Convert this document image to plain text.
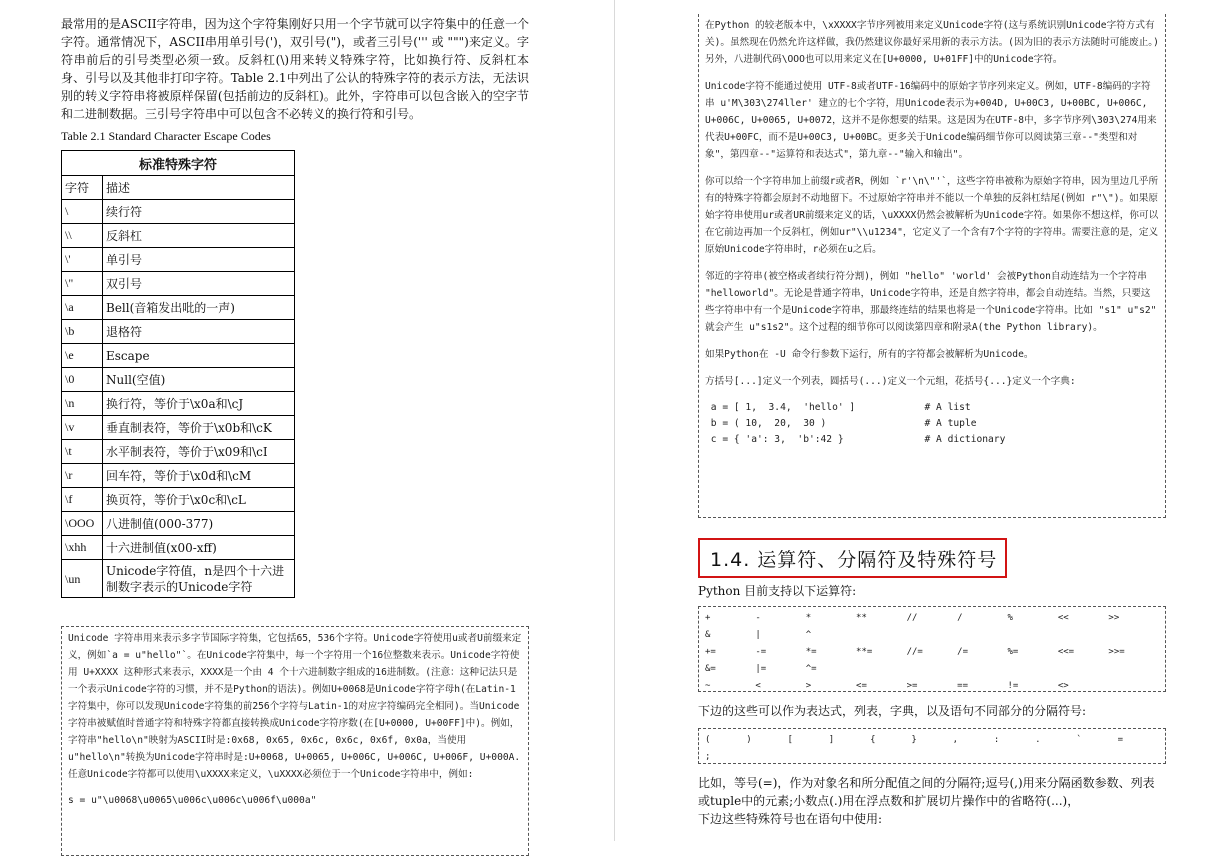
最常用的是ASCII字符串，因为这个字符集刚好只用一个字节就可以字符集中的任意一个字符。通常情况下，ASCII串用单引号(')，双引号(")，或者三引号(''' 或 """)来定义。字符串前后的引号类型必须一致。反斜杠(\)用来转义特殊字符，比如换行符、反斜杠本身、引号以及其他非打印字符。Table 2.1中列出了公认的特殊字符的表示方法，无法识别的转义字符串将被原样保留(包括前边的反斜杠)。此外，字符串可以包含嵌入的空字节和二进制数据。三引号字符串中可以包含不必转义的换行符和引号。

Table 2.1 Standard Character Escape Codes
标准特殊字符	
字符	描述
\	续行符
\\	反斜杠
\'	单引号
\"	双引号
\a	Bell(音箱发出吡的一声)
\b	退格符
\e	Escape
\0	Null(空值)
\n	换行符，等价于\x0a和\cJ
\v	垂直制表符，等价于\x0b和\cK
\t	水平制表符，等价于\x09和\cI
\r	回车符，等价于\x0d和\cM
\f	换页符，等价于\x0c和\cL
\OOO	八进制值(000-377)
\xhh	十六进制值(x00-xff)
\un	Unicode字符值，n是四个十六进制数字表示的Unicode字符

Unicode 字符串用来表示多字节国际字符集，它包括65，536个字符。Unicode字符使用u或者U前缀来定义，例如`a = u"hello"`。在Unicode字符集中，每一个字符用一个16位整数来表示。Unicode字符使用 U+XXXX 这种形式来表示，XXXX是一个由 4 个十六进制数字组成的16进制数。(注意：这种记法只是一个表示Unicode字符的习惯，并不是Python的语法)。例如U+0068是Unicode字符字母h(在Latin-1字符集中，你可以发现Unicode字符集的前256个字符与Latin-1的对应字符编码完全相同)。当Unicode字符串被赋值时普通字符和特殊字符都直接转换成Unicode字符序数(在[U+0000, U+00FF]中)。例如，字符串"hello\n"映射为ASCII时是:0x68, 0x65, 0x6c, 0x6c, 0x6f, 0x0a，当使用u"hello\n"转换为Unicode字符串时是:U+0068, U+0065, U+006C, U+006C, U+006F, U+000A.任意Unicode字符都可以使用\uXXXX来定义，\uXXXX必须位于一个Unicode字符串中，例如:

s = u"\u0068\u0065\u006c\u006c\u006f\u000a"

在Python 的较老版本中，\xXXXX字节序列被用来定义Unicode字符(这与系统识别Unicode字符方式有关)。虽然现在仍然允许这样做，我仍然建议你最好采用新的表示方法。(因为旧的表示方法随时可能废止。)另外，八进制代码\OOO也可以用来定义在[U+0000, U+01FF]中的Unicode字符。

Unicode字符不能通过使用 UTF-8或者UTF-16编码中的原始字节序列来定义。例如，UTF-8编码的字符串 u'M\303\274ller' 建立的七个字符，用Unicode表示为+004D, U+00C3, U+00BC, U+006C, U+006C, U+0065, U+0072，这并不是你想要的结果。这是因为在UTF-8中，多字节序列\303\274用来代表U+00FC，而不是U+00C3, U+00BC。更多关于Unicode编码细节你可以阅读第三章--"类型和对象"，第四章--"运算符和表达式"，第九章--"输入和输出"。

你可以给一个字符串加上前缀r或者R，例如 `r'\n\"'`，这些字符串被称为原始字符串，因为里边几乎所有的特殊字符都会原封不动地留下。不过原始字符串并不能以一个单独的反斜杠结尾(例如 r"\")。如果原始字符串使用ur或者UR前缀来定义的话，\uXXXX仍然会被解析为Unicode字符。如果你不想这样，你可以在它前边再加一个反斜杠，例如ur"\\u1234"，它定义了一个含有7个字符的字符串。需要注意的是，定义原始Unicode字符串时，r必须在u之后。

邻近的字符串(被空格或者续行符分割)，例如 "hello" 'world' 会被Python自动连结为一个字符串 "helloworld"。无论是普通字符串，Unicode字符串，还是自然字符串，都会自动连结。当然，只要这些字符串中有一个是Unicode字符串，那最终连结的结果也将是一个Unicode字符串。比如 "s1" u"s2" 就会产生 u"s1s2"。这个过程的细节你可以阅读第四章和附录A(the Python library)。

如果Python在 -U 命令行参数下运行，所有的字符都会被解析为Unicode。

方括号[...]定义一个列表，圆括号(...)定义一个元组，花括号{...}定义一个字典:

a = [ 1,  3.4,  'hello' ]            # A list
b = ( 10,  20,  30 )                 # A tuple
c = { 'a': 3,  'b':42 }              # A dictionary
1.4. 运算符、分隔符及特殊符号
Python 目前支持以下运算符:
+	-	*	**	//	/	%	<<	>>
&	|	^						
+=	-=	*=	**=	//=	/=	%=	<<=	>>=
&=	|=	^=						
~	<	>	<=	>=	==	!=	<>	
下边的这些可以作为表达式，列表，字典，以及语句不同部分的分隔符号:
(	)	[	]	{	}	,	:	.	`	=
;										
比如，等号(=)，作为对象名和所分配值之间的分隔符;逗号(,)用来分隔函数参数、列表或tuple中的元素;小数点(.)用在浮点数和扩展切片操作中的省略符(...)，
下边这些特殊符号也在语句中使用:
